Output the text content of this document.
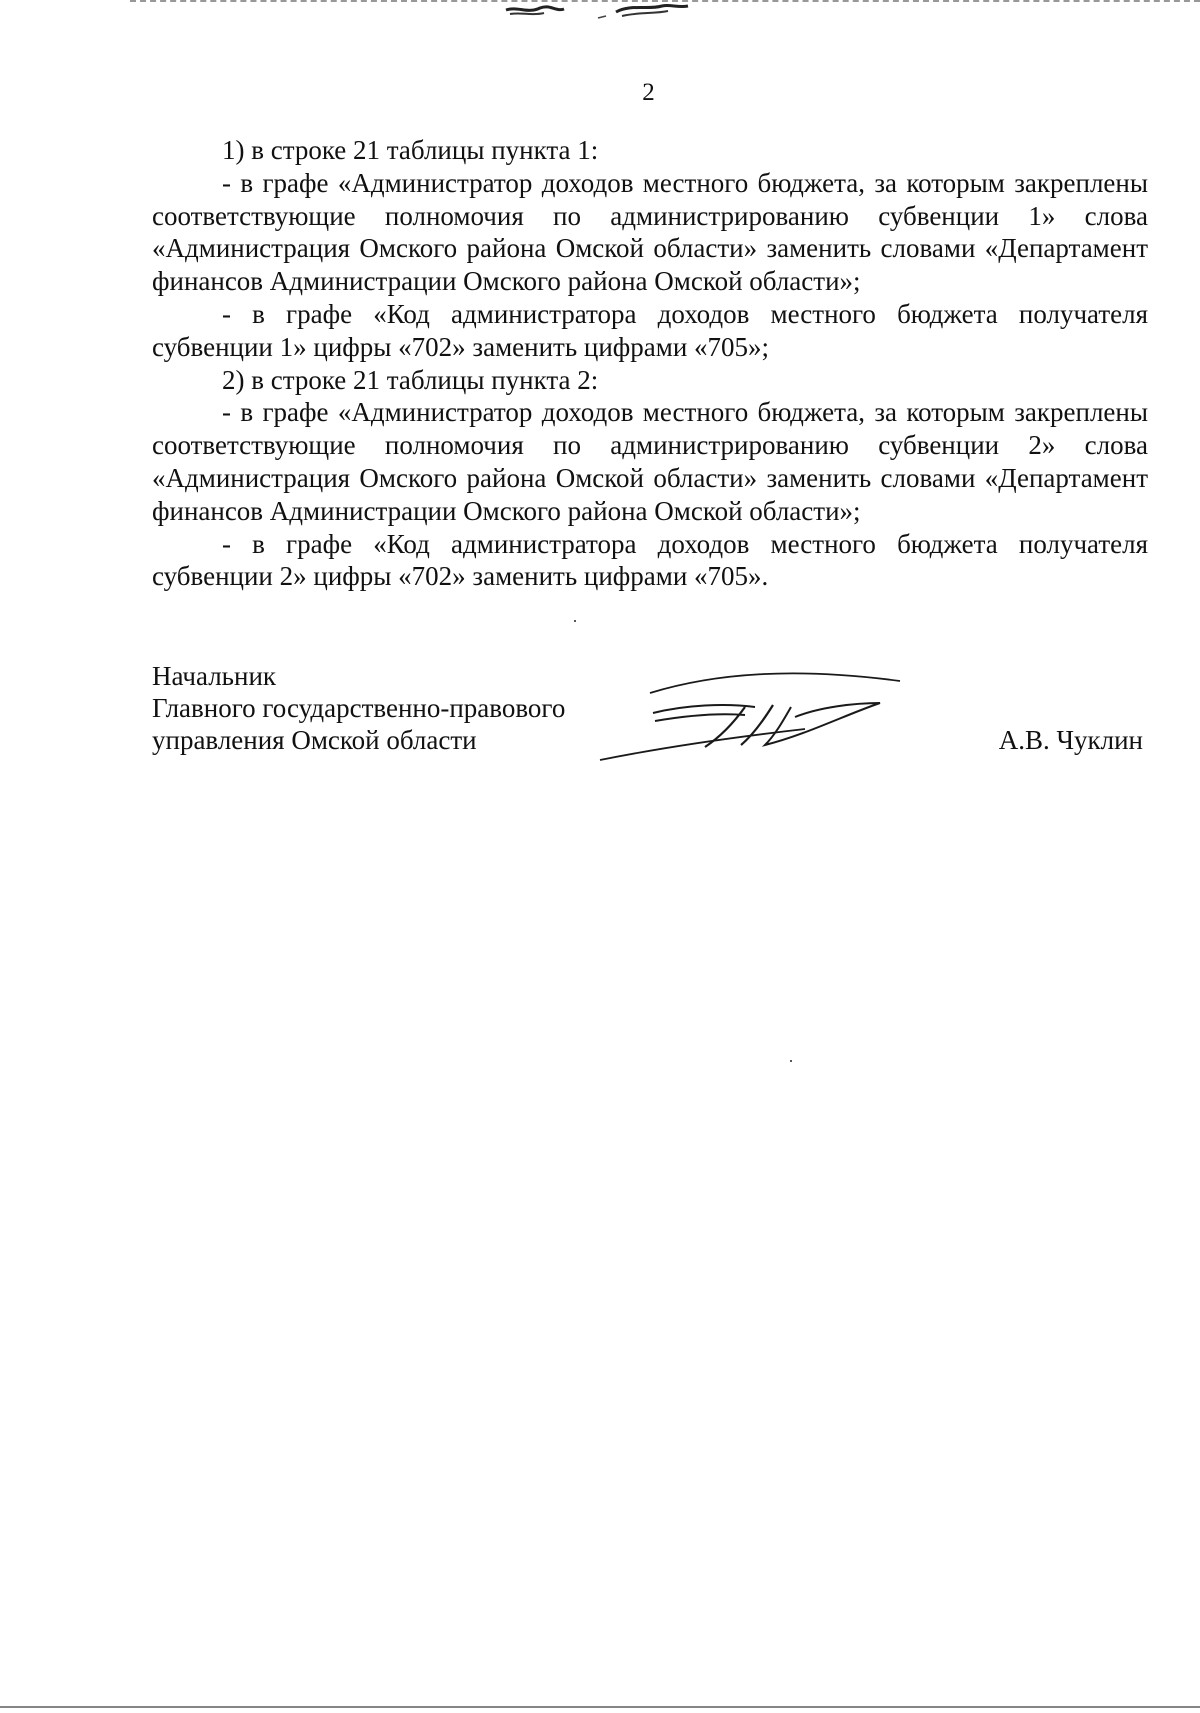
2

1) в строке 21 таблицы пункта 1:

- в графе «Администратор доходов местного бюджета, за которым закреплены соответствующие полномочия по администрированию субвенции 1» слова «Администрация Омского района Омской области» заменить словами «Департамент финансов Администрации Омского района Омской области»;

- в графе «Код администратора доходов местного бюджета получателя субвенции 1» цифры «702» заменить цифрами «705»;

2) в строке 21 таблицы пункта 2:

- в графе «Администратор доходов местного бюджета, за которым закреплены соответствующие полномочия по администрированию субвенции 2» слова «Администрация Омского района Омской области» заменить словами «Департамент финансов Администрации Омского района Омской области»;

- в графе «Код администратора доходов местного бюджета получателя субвенции 2» цифры «702» заменить цифрами «705».

Начальник
Главного государственно-правового
управления Омской области	А.В. Чуклин
